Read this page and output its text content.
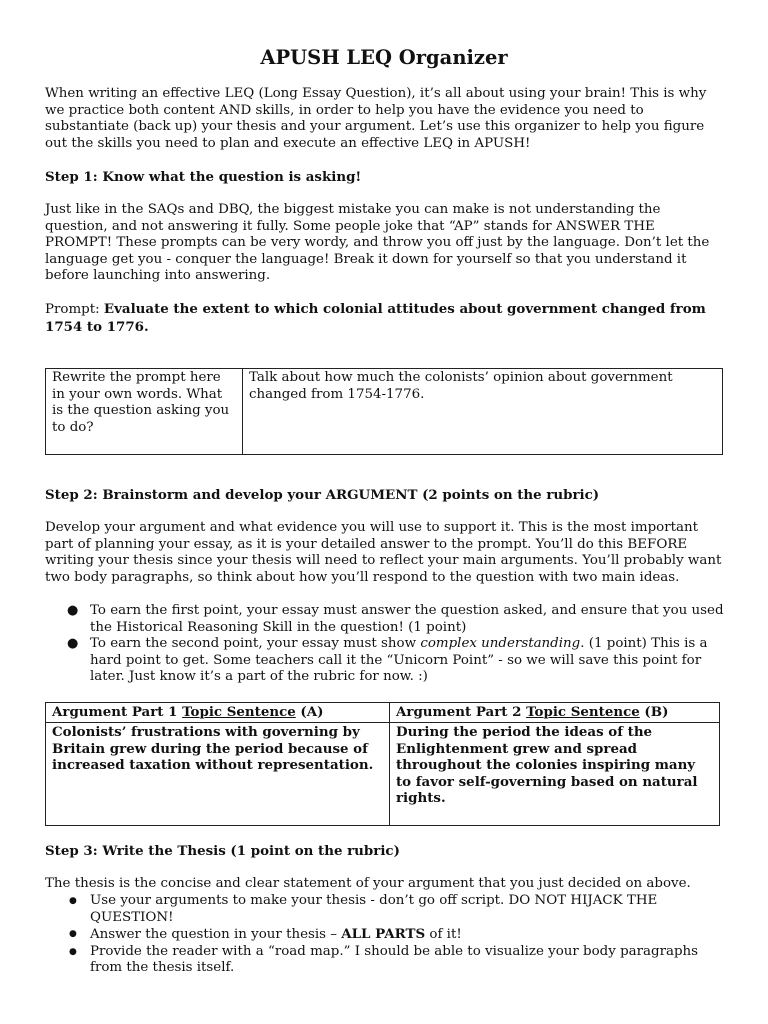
APUSH LEQ Organizer

When writing an effective LEQ (Long Essay Question), it’s all about using your brain! This is why we practice both content AND skills, in order to help you have the evidence you need to substantiate (back up) your thesis and your argument. Let’s use this organizer to help you figure out the skills you need to plan and execute an effective LEQ in APUSH!

Step 1: Know what the question is asking!

Just like in the SAQs and DBQ, the biggest mistake you can make is not understanding the question, and not answering it fully. Some people joke that “AP” stands for ANSWER THE PROMPT! These prompts can be very wordy, and throw you off just by the language. Don’t let the language get you - conquer the language! Break it down for yourself so that you understand it before launching into answering.

Prompt: Evaluate the extent to which colonial attitudes about government changed from 1754 to 1776.

Rewrite the prompt here in your own words. What is the question asking you to do?	Talk about how much the colonists’ opinion about government changed from 1754-1776.

Step 2: Brainstorm and develop your ARGUMENT (2 points on the rubric)

Develop your argument and what evidence you will use to support it. This is the most important part of planning your essay, as it is your detailed answer to the prompt. You’ll do this BEFORE writing your thesis since your thesis will need to reflect your main arguments. You’ll probably want two body paragraphs, so think about how you’ll respond to the question with two main ideas.

● To earn the first point, your essay must answer the question asked, and ensure that you used the Historical Reasoning Skill in the question! (1 point)
● To earn the second point, your essay must show complex understanding. (1 point) This is a hard point to get. Some teachers call it the “Unicorn Point” - so we will save this point for later. Just know it’s a part of the rubric for now. :)
Argument Part 1 Topic Sentence (A)	Argument Part 2 Topic Sentence (B)
Colonists’ frustrations with governing by Britain grew during the period because of increased taxation without representation.	During the period the ideas of the Enlightenment grew and spread throughout the colonies inspiring many to favor self-governing based on natural rights.

Step 3: Write the Thesis (1 point on the rubric)

The thesis is the concise and clear statement of your argument that you just decided on above.

● Use your arguments to make your thesis - don’t go off script. DO NOT HIJACK THE QUESTION!
● Answer the question in your thesis – ALL PARTS of it!
● Provide the reader with a “road map.” I should be able to visualize your body paragraphs from the thesis itself.
